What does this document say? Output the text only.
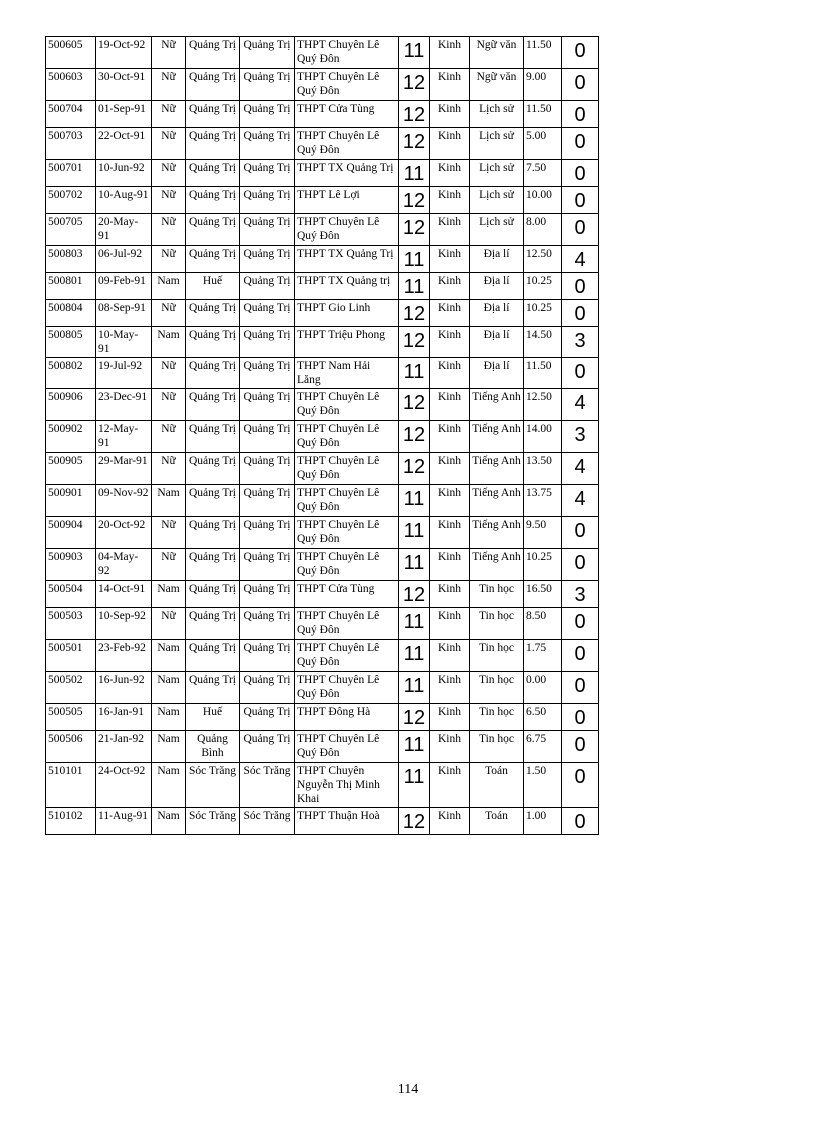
500605	19-Oct-92	Nữ	Quảng Trị	Quảng Trị	THPT Chuyên Lê Quý Đôn	11	Kinh	Ngữ văn	11.50	0
500603	30-Oct-91	Nữ	Quảng Trị	Quảng Trị	THPT Chuyên Lê Quý Đôn	12	Kinh	Ngữ văn	9.00	0
500704	01-Sep-91	Nữ	Quảng Trị	Quảng Trị	THPT Cửa Tùng	12	Kinh	Lịch sử	11.50	0
500703	22-Oct-91	Nữ	Quảng Trị	Quảng Trị	THPT Chuyên Lê Quý Đôn	12	Kinh	Lịch sử	5.00	0
500701	10-Jun-92	Nữ	Quảng Trị	Quảng Trị	THPT TX Quảng Trị	11	Kinh	Lịch sử	7.50	0
500702	10-Aug-91	Nữ	Quảng Trị	Quảng Trị	THPT Lê Lợi	12	Kinh	Lịch sử	10.00	0
500705	20-May-91	Nữ	Quảng Trị	Quảng Trị	THPT Chuyên Lê Quý Đôn	12	Kinh	Lịch sử	8.00	0
500803	06-Jul-92	Nữ	Quảng Trị	Quảng Trị	THPT TX Quảng Trị	11	Kinh	Địa lí	12.50	4
500801	09-Feb-91	Nam	Huế	Quảng Trị	THPT TX Quảng trị	11	Kinh	Địa lí	10.25	0
500804	08-Sep-91	Nữ	Quảng Trị	Quảng Trị	THPT Gio Linh	12	Kinh	Địa lí	10.25	0
500805	10-May-91	Nam	Quảng Trị	Quảng Trị	THPT Triệu Phong	12	Kinh	Địa lí	14.50	3
500802	19-Jul-92	Nữ	Quảng Trị	Quảng Trị	THPT Nam Hải Lăng	11	Kinh	Địa lí	11.50	0
500906	23-Dec-91	Nữ	Quảng Trị	Quảng Trị	THPT Chuyên Lê Quý Đôn	12	Kinh	Tiếng Anh	12.50	4
500902	12-May-91	Nữ	Quảng Trị	Quảng Trị	THPT Chuyên Lê Quý Đôn	12	Kinh	Tiếng Anh	14.00	3
500905	29-Mar-91	Nữ	Quảng Trị	Quảng Trị	THPT Chuyên Lê Quý Đôn	12	Kinh	Tiếng Anh	13.50	4
500901	09-Nov-92	Nam	Quảng Trị	Quảng Trị	THPT Chuyên Lê Quý Đôn	11	Kinh	Tiếng Anh	13.75	4
500904	20-Oct-92	Nữ	Quảng Trị	Quảng Trị	THPT Chuyên Lê Quý Đôn	11	Kinh	Tiếng Anh	9.50	0
500903	04-May-92	Nữ	Quảng Trị	Quảng Trị	THPT Chuyên Lê Quý Đôn	11	Kinh	Tiếng Anh	10.25	0
500504	14-Oct-91	Nam	Quảng Trị	Quảng Trị	THPT Cửa Tùng	12	Kinh	Tin học	16.50	3
500503	10-Sep-92	Nữ	Quảng Trị	Quảng Trị	THPT Chuyên Lê Quý Đôn	11	Kinh	Tin học	8.50	0
500501	23-Feb-92	Nam	Quảng Trị	Quảng Trị	THPT Chuyên Lê Quý Đôn	11	Kinh	Tin học	1.75	0
500502	16-Jun-92	Nam	Quảng Trị	Quảng Trị	THPT Chuyên Lê Quý Đôn	11	Kinh	Tin học	0.00	0
500505	16-Jan-91	Nam	Huế	Quảng Trị	THPT Đông Hà	12	Kinh	Tin học	6.50	0
500506	21-Jan-92	Nam	Quảng Bình	Quảng Trị	THPT Chuyên Lê Quý Đôn	11	Kinh	Tin học	6.75	0
510101	24-Oct-92	Nam	Sóc Trăng	Sóc Trăng	THPT Chuyên Nguyễn Thị Minh Khai	11	Kinh	Toán	1.50	0
510102	11-Aug-91	Nam	Sóc Trăng	Sóc Trăng	THPT Thuận Hoà	12	Kinh	Toán	1.00	0
114
